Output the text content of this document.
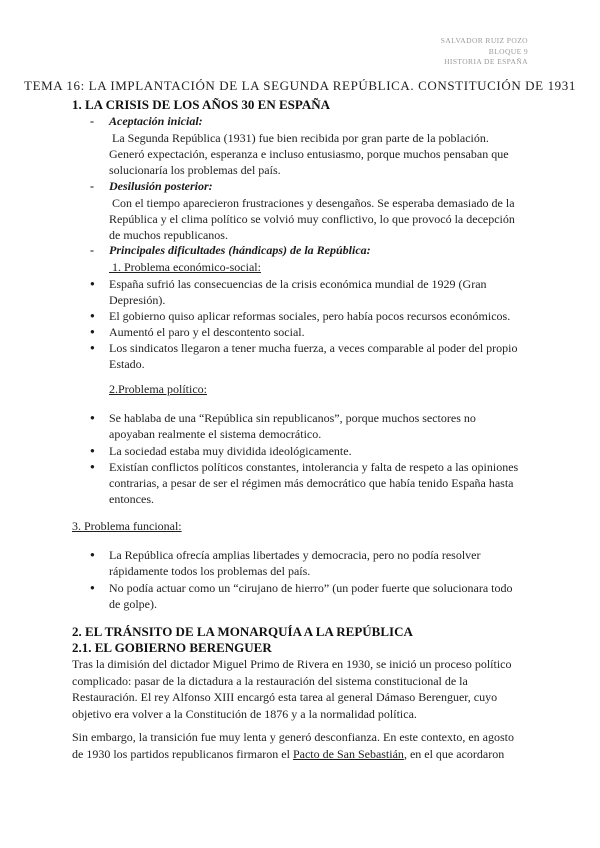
SALVADOR RUIZ POZO
BLOQUE 9
HISTORIA DE ESPAÑA
TEMA 16: LA IMPLANTACIÓN DE LA SEGUNDA REPÚBLICA. CONSTITUCIÓN DE 1931
1. LA CRISIS DE LOS AÑOS 30 EN ESPAÑA
- Aceptación inicial:
La Segunda República (1931) fue bien recibida por gran parte de la población.
Generó expectación, esperanza e incluso entusiasmo, porque muchos pensaban que
solucionaría los problemas del país.
- Desilusión posterior:
Con el tiempo aparecieron frustraciones y desengaños. Se esperaba demasiado de la
República y el clima político se volvió muy conflictivo, lo que provocó la decepción
de muchos republicanos.
- Principales dificultades (hándicaps) de la República:
1. Problema económico-social:
● España sufrió las consecuencias de la crisis económica mundial de 1929 (Gran
Depresión).
● El gobierno quiso aplicar reformas sociales, pero había pocos recursos económicos.
● Aumentó el paro y el descontento social.
● Los sindicatos llegaron a tener mucha fuerza, a veces comparable al poder del propio
Estado.
2.Problema político:
● Se hablaba de una “República sin republicanos”, porque muchos sectores no
apoyaban realmente el sistema democrático.
● La sociedad estaba muy dividida ideológicamente.
● Existían conflictos políticos constantes, intolerancia y falta de respeto a las opiniones
contrarias, a pesar de ser el régimen más democrático que había tenido España hasta
entonces.
3. Problema funcional:
● La República ofrecía amplias libertades y democracia, pero no podía resolver
rápidamente todos los problemas del país.
● No podía actuar como un “cirujano de hierro” (un poder fuerte que solucionara todo
de golpe).
2. EL TRÁNSITO DE LA MONARQUÍA A LA REPÚBLICA
2.1. EL GOBIERNO BERENGUER
Tras la dimisión del dictador Miguel Primo de Rivera en 1930, se inició un proceso político
complicado: pasar de la dictadura a la restauración del sistema constitucional de la
Restauración. El rey Alfonso XIII encargó esta tarea al general Dámaso Berenguer, cuyo
objetivo era volver a la Constitución de 1876 y a la normalidad política.
Sin embargo, la transición fue muy lenta y generó desconfianza. En este contexto, en agosto
de 1930 los partidos republicanos firmaron el Pacto de San Sebastián, en el que acordaron
